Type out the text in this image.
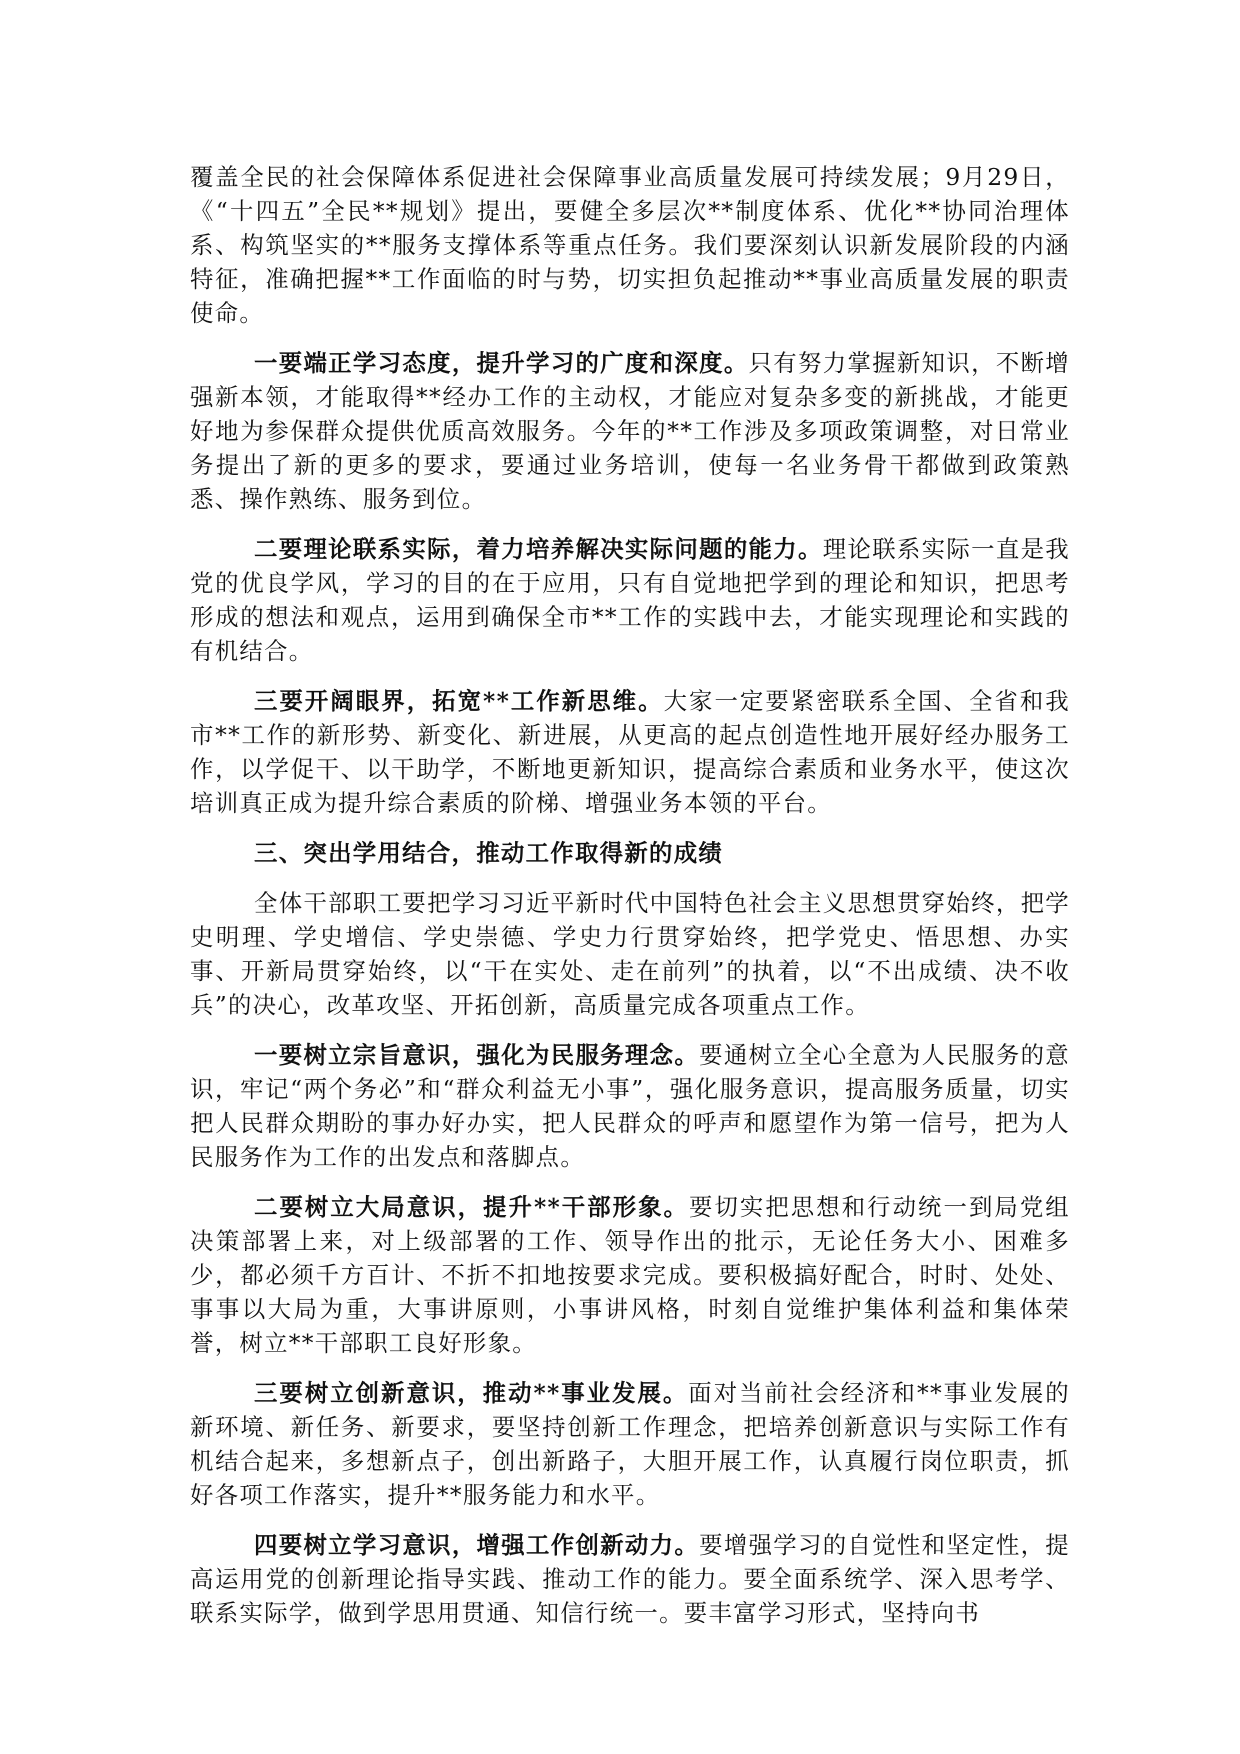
覆盖全民的社会保障体系促进社会保障事业高质量发展可持续发展；9月29日，《“十四五”全民**规划》提出，要健全多层次**制度体系、优化**协同治理体系、构筑坚实的**服务支撑体系等重点任务。我们要深刻认识新发展阶段的内涵特征，准确把握**工作面临的时与势，切实担负起推动**事业高质量发展的职责使命。

一要端正学习态度，提升学习的广度和深度。只有努力掌握新知识，不断增强新本领，才能取得**经办工作的主动权，才能应对复杂多变的新挑战，才能更好地为参保群众提供优质高效服务。今年的**工作涉及多项政策调整，对日常业务提出了新的更多的要求，要通过业务培训，使每一名业务骨干都做到政策熟悉、操作熟练、服务到位。

二要理论联系实际，着力培养解决实际问题的能力。理论联系实际一直是我党的优良学风，学习的目的在于应用，只有自觉地把学到的理论和知识，把思考形成的想法和观点，运用到确保全市**工作的实践中去，才能实现理论和实践的有机结合。

三要开阔眼界，拓宽**工作新思维。大家一定要紧密联系全国、全省和我市**工作的新形势、新变化、新进展，从更高的起点创造性地开展好经办服务工作，以学促干、以干助学，不断地更新知识，提高综合素质和业务水平，使这次培训真正成为提升综合素质的阶梯、增强业务本领的平台。

三、突出学用结合，推动工作取得新的成绩

全体干部职工要把学习习近平新时代中国特色社会主义思想贯穿始终，把学史明理、学史增信、学史崇德、学史力行贯穿始终，把学党史、悟思想、办实事、开新局贯穿始终，以“干在实处、走在前列”的执着，以“不出成绩、决不收兵”的决心，改革攻坚、开拓创新，高质量完成各项重点工作。

一要树立宗旨意识，强化为民服务理念。要通树立全心全意为人民服务的意识，牢记“两个务必”和“群众利益无小事”，强化服务意识，提高服务质量，切实把人民群众期盼的事办好办实，把人民群众的呼声和愿望作为第一信号，把为人民服务作为工作的出发点和落脚点。

二要树立大局意识，提升**干部形象。要切实把思想和行动统一到局党组决策部署上来，对上级部署的工作、领导作出的批示，无论任务大小、困难多少，都必须千方百计、不折不扣地按要求完成。要积极搞好配合，时时、处处、事事以大局为重，大事讲原则，小事讲风格，时刻自觉维护集体利益和集体荣誉，树立**干部职工良好形象。

三要树立创新意识，推动**事业发展。面对当前社会经济和**事业发展的新环境、新任务、新要求，要坚持创新工作理念，把培养创新意识与实际工作有机结合起来，多想新点子，创出新路子，大胆开展工作，认真履行岗位职责，抓好各项工作落实，提升**服务能力和水平。

四要树立学习意识，增强工作创新动力。要增强学习的自觉性和坚定性，提高运用党的创新理论指导实践、推动工作的能力。要全面系统学、深入思考学、联系实际学，做到学思用贯通、知信行统一。要丰富学习形式，坚持向书
